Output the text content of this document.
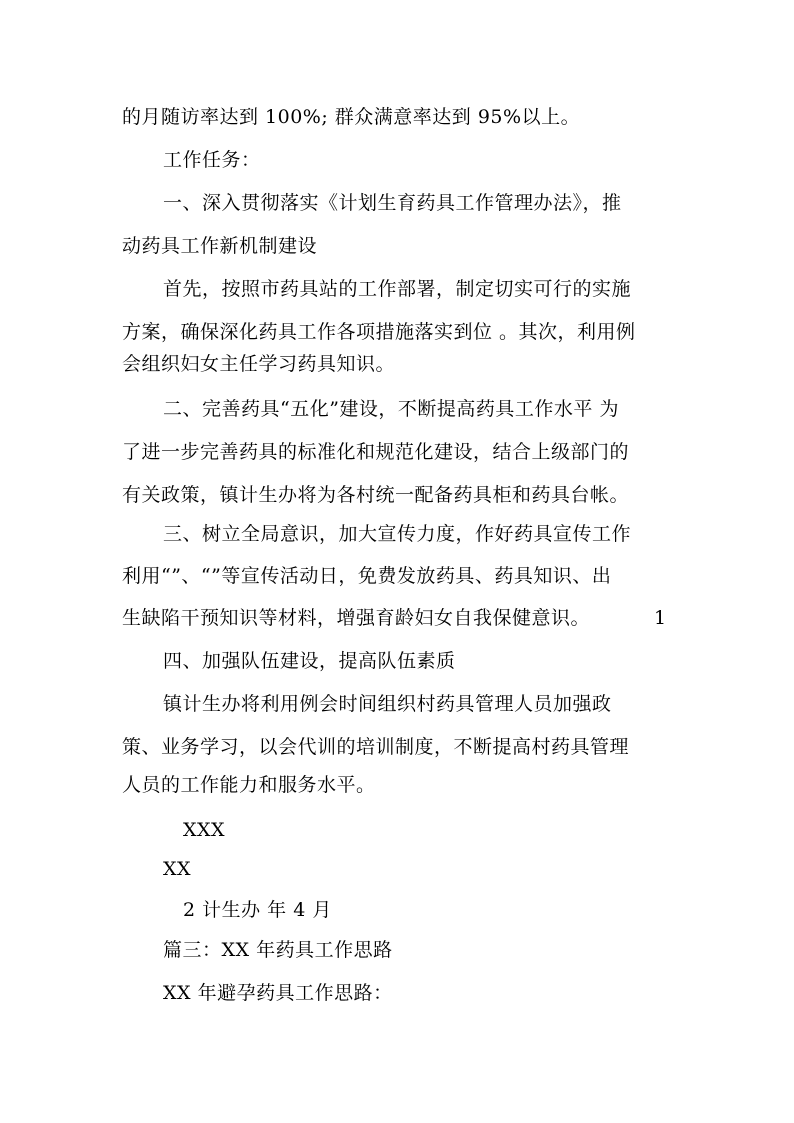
的月随访率达到 100%; 群众满意率达到 95%以上。
工作任务：
一、深入贯彻落实《计划生育药具工作管理办法》，推
动药具工作新机制建设
首先，按照市药具站的工作部署，制定切实可行的实施
方案，确保深化药具工作各项措施落实到位 。其次，利用例
会组织妇女主任学习药具知识。
二、完善药具“五化”建设，不断提高药具工作水平 为
了进一步完善药具的标准化和规范化建设，结合上级部门的
有关政策，镇计生办将为各村统一配备药具柜和药具台帐。
三、树立全局意识，加大宣传力度，作好药具宣传工作
利用“”、“”等宣传活动日，免费发放药具、药具知识、出
生缺陷干预知识等材料，增强育龄妇女自我保健意识。	1
四、加强队伍建设，提高队伍素质
镇计生办将利用例会时间组织村药具管理人员加强政
策、业务学习，以会代训的培训制度，不断提高村药具管理
人员的工作能力和服务水平。
XXX
XX
2 计生办 年 4 月
篇三：XX 年药具工作思路
XX 年避孕药具工作思路：
